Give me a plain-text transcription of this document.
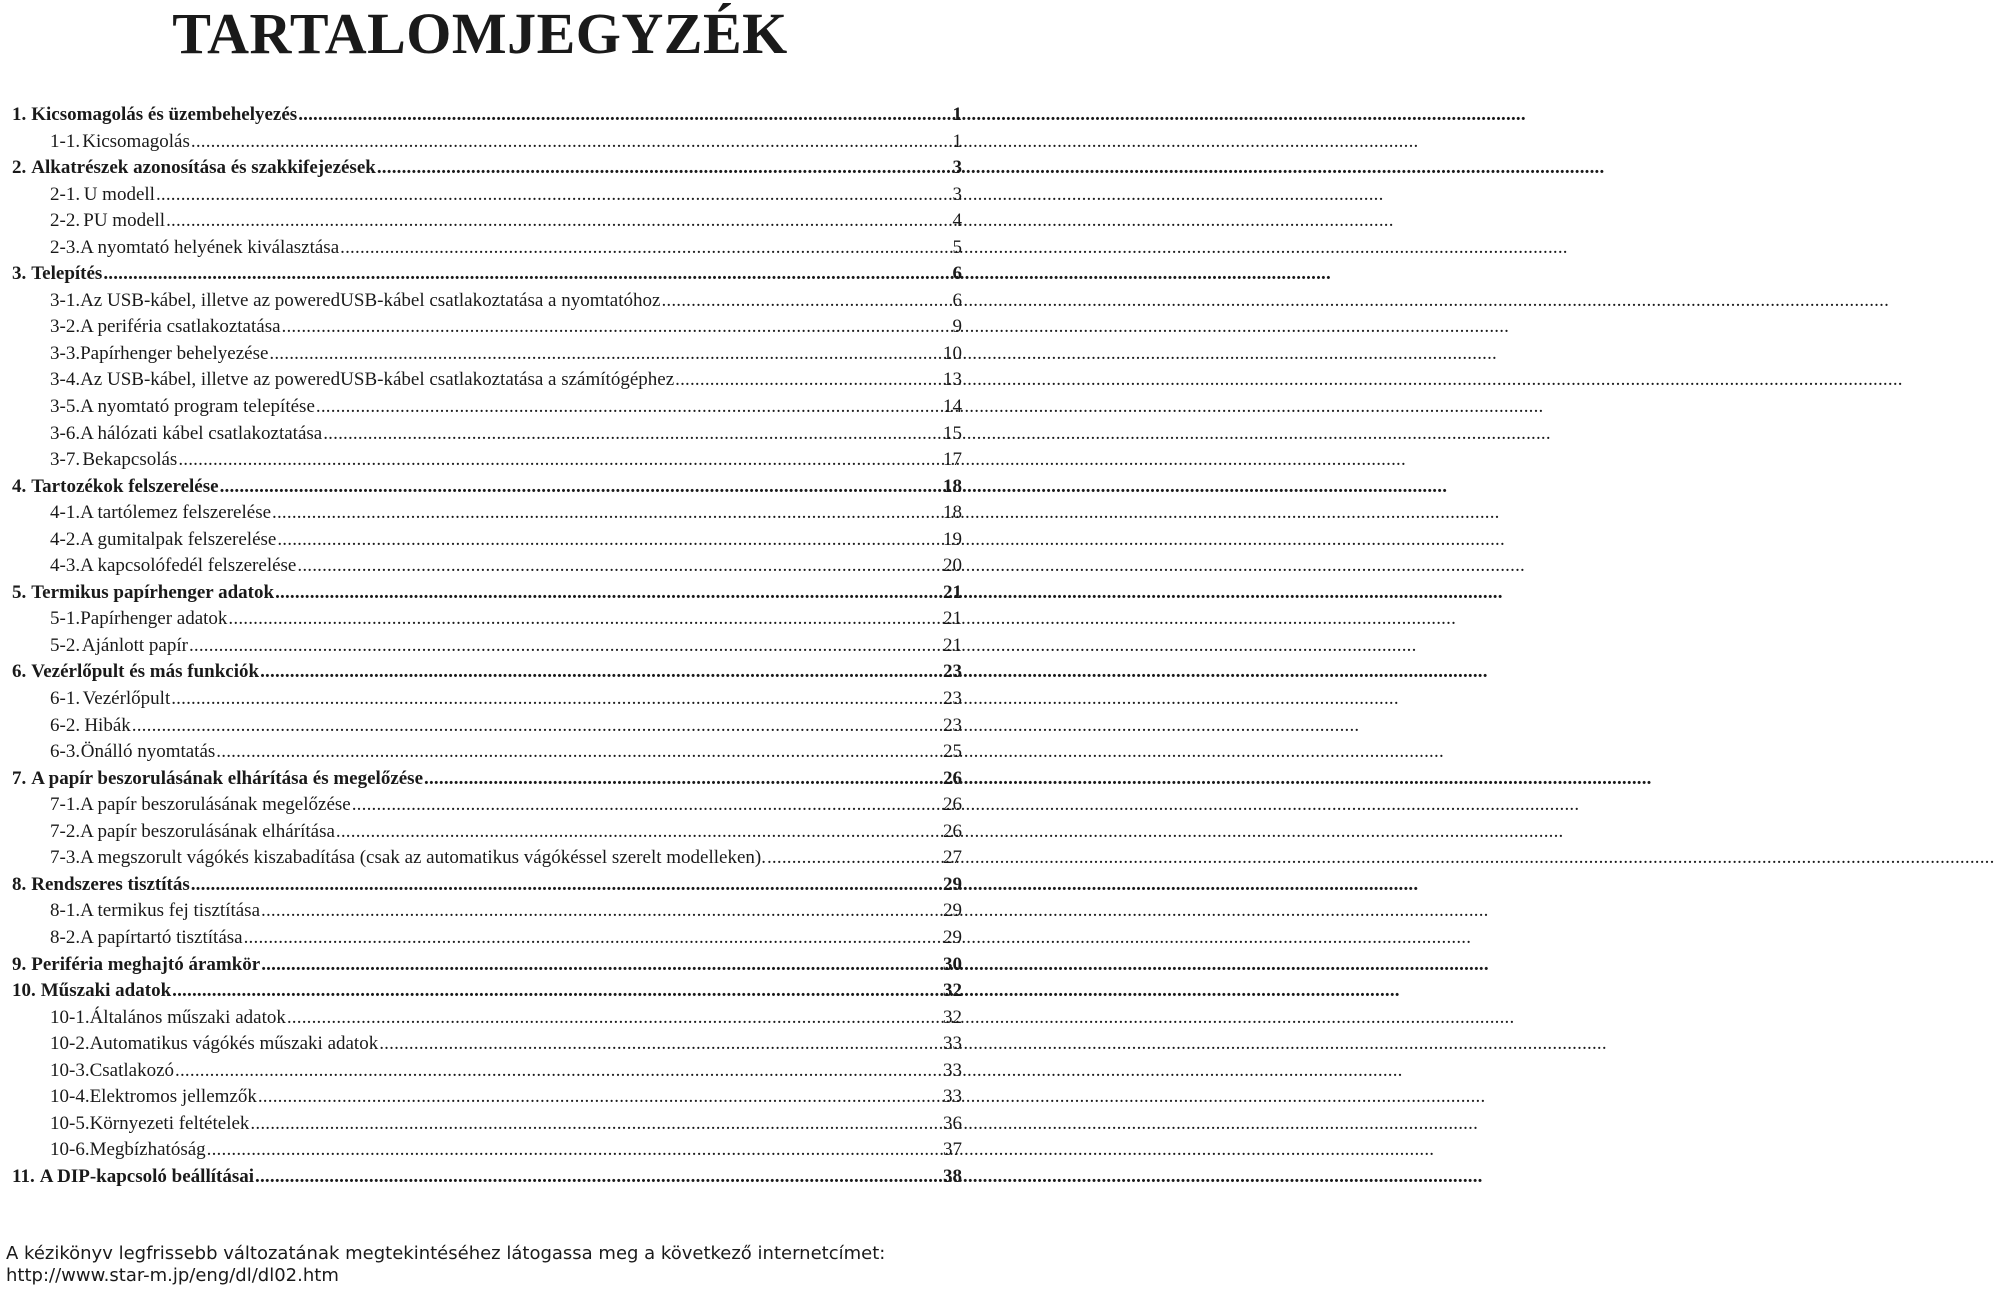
TARTALOMJEGYZÉK
1. Kicsomagolás és üzembehelyezés .....	1
1-1. Kicsomagolás .....	1
2. Alkatrészek azonosítása és szakkifejezések .....	3
2-1. U modell .....	3
2-2. PU modell .....	4
2-3. A nyomtató helyének kiválasztása .....	5
3. Telepítés .....	6
3-1. Az USB-kábel, illetve az poweredUSB-kábel csatlakoztatása a nyomtatóhoz .....	6
3-2. A periféria csatlakoztatása .....	9
3-3. Papírhenger behelyezése .....	10
3-4. Az USB-kábel, illetve az poweredUSB-kábel csatlakoztatása a számítógéphez .....	13
3-5. A nyomtató program telepítése .....	14
3-6. A hálózati kábel csatlakoztatása .....	15
3-7. Bekapcsolás .....	17
4. Tartozékok felszerelése .....	18
4-1. A tartólemez felszerelése .....	18
4-2. A gumitalpak felszerelése .....	19
4-3. A kapcsolófedél felszerelése .....	20
5. Termikus papírhenger adatok .....	21
5-1. Papírhenger adatok .....	21
5-2. Ajánlott papír .....	21
6. Vezérlőpult és más funkciók .....	23
6-1. Vezérlőpult .....	23
6-2. Hibák .....	23
6-3. Önálló nyomtatás .....	25
7. A papír beszorulásának elhárítása és megelőzése .....	26
7-1. A papír beszorulásának megelőzése .....	26
7-2. A papír beszorulásának elhárítása .....	26
7-3. A megszorult vágókés kiszabadítása (csak az automatikus vágókéssel szerelt modelleken). .....	27
8. Rendszeres tisztítás .....	29
8-1. A termikus fej tisztítása .....	29
8-2. A papírtartó tisztítása .....	29
9. Periféria meghajtó áramkör .....	30
10. Műszaki adatok .....	32
10-1. Általános műszaki adatok .....	32
10-2. Automatikus vágókés műszaki adatok .....	33
10-3. Csatlakozó .....	33
10-4. Elektromos jellemzők .....	33
10-5. Környezeti feltételek .....	36
10-6. Megbízhatóság .....	37
11. A DIP-kapcsoló beállításai .....	38
A kézikönyv legfrissebb változatának megtekintéséhez látogassa meg a következő internetcímet:
http://www.star-m.jp/eng/dl/dl02.htm
